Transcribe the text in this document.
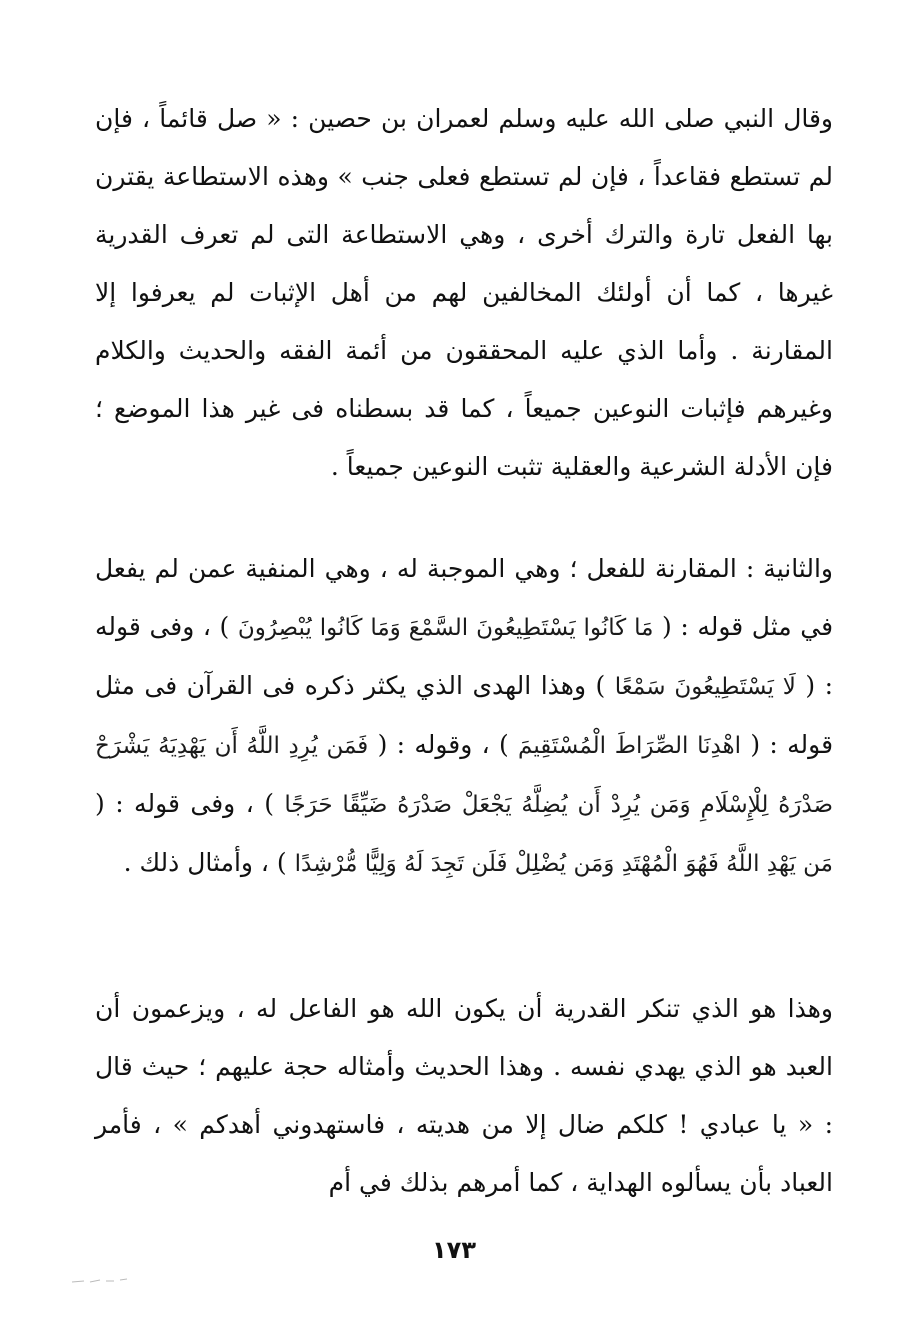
وقال النبي صلى الله عليه وسلم لعمران بن حصين : « صل قائماً ، فإن لم تستطع فقاعداً ، فإن لم تستطع فعلى جنب » وهذه الاستطاعة يقترن بها الفعل تارة والترك أخرى ، وهي الاستطاعة التى لم تعرف القدرية غيرها ، كما أن أولئك المخالفين لهم من أهل الإثبات لم يعرفوا إلا المقارنة . وأما الذي عليه المحققون من أئمة الفقه والحديث والكلام وغيرهم فإثبات النوعين جميعاً ، كما قد بسطناه فى غير هذا الموضع ؛ فإن الأدلة الشرعية والعقلية تثبت النوعين جميعاً .

والثانية : المقارنة للفعل ؛ وهي الموجبة له ، وهي المنفية عمن لم يفعل في مثل قوله : ( مَا كَانُوا يَسْتَطِيعُونَ السَّمْعَ وَمَا كَانُوا يُبْصِرُونَ ) ، وفى قوله : ( لَا يَسْتَطِيعُونَ سَمْعًا ) وهذا الهدى الذي يكثر ذكره فى القرآن فى مثل قوله : ( اهْدِنَا الصِّرَاطَ الْمُسْتَقِيمَ ) ، وقوله : ( فَمَن يُرِدِ اللَّهُ أَن يَهْدِيَهُ يَشْرَحْ صَدْرَهُ لِلْإِسْلَامِ وَمَن يُرِدْ أَن يُضِلَّهُ يَجْعَلْ صَدْرَهُ ضَيِّقًا حَرَجًا ) ، وفى قوله : ( مَن يَهْدِ اللَّهُ فَهُوَ الْمُهْتَدِ وَمَن يُضْلِلْ فَلَن تَجِدَ لَهُ وَلِيًّا مُّرْشِدًا ) ، وأمثال ذلك .

وهذا هو الذي تنكر القدرية أن يكون الله هو الفاعل له ، ويزعمون أن العبد هو الذي يهدي نفسه . وهذا الحديث وأمثاله حجة عليهم ؛ حيث قال : « يا عبادي ! كلكم ضال إلا من هديته ، فاستهدوني أهدكم » ، فأمر العباد بأن يسألوه الهداية ، كما أمرهم بذلك في أم

١٧٣
